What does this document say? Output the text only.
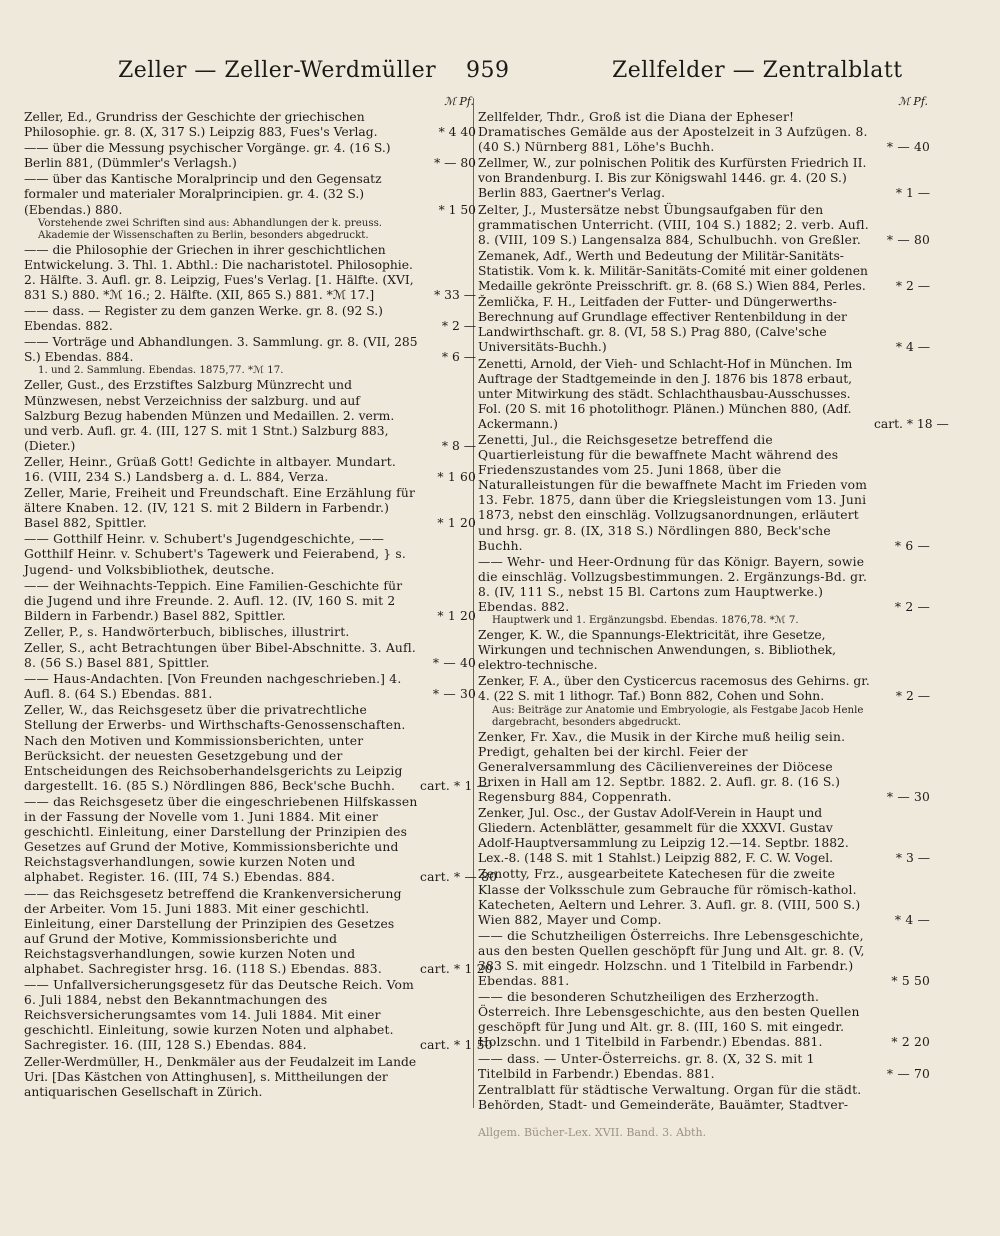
Zeller — Zeller-Werdmüller 959	Zellfelder — Zentralblatt
ℳ Pf.

Zeller, Ed., Grundriss der Geschichte der griechischen Philosophie. gr. 8. (X, 317 S.) Leipzig 883, Fues's Verlag.	* 4 40

—— über die Messung psychischer Vorgänge. gr. 4. (16 S.) Berlin 881, (Dümmler's Verlagsh.)	* — 80

—— über das Kantische Moralprincip und den Gegensatz formaler und materialer Moralprincipien. gr. 4. (32 S.) (Ebendas.) 880.	* 1 50

Vorstehende zwei Schriften sind aus: Abhandlungen der k. preuss. Akademie der Wissenschaften zu Berlin, besonders abgedruckt.

—— die Philosophie der Griechen in ihrer geschichtlichen Entwickelung. 3. Thl. 1. Abthl.: Die nacharistotel. Philosophie. 2. Hälfte. 3. Aufl. gr. 8. Leipzig, Fues's Verlag. [1. Hälfte. (XVI, 831 S.) 880. *ℳ 16.; 2. Hälfte. (XII, 865 S.) 881. *ℳ 17.]	* 33 —

—— dass. — Register zu dem ganzen Werke. gr. 8. (92 S.) Ebendas. 882.	* 2 —

—— Vorträge und Abhandlungen. 3. Sammlung. gr. 8. (VII, 285 S.) Ebendas. 884.	* 6 —

1. und 2. Sammlung. Ebendas. 1875,77. *ℳ 17.

Zeller, Gust., des Erzstiftes Salzburg Münzrecht und Münzwesen, nebst Verzeichniss der salzburg. und auf Salzburg Bezug habenden Münzen und Medaillen. 2. verm. und verb. Aufl. gr. 4. (III, 127 S. mit 1 Stnt.) Salzburg 883, (Dieter.)	* 8 —

Zeller, Heinr., Grüaß Gott! Gedichte in altbayer. Mundart. 16. (VIII, 234 S.) Landsberg a. d. L. 884, Verza.	* 1 60

Zeller, Marie, Freiheit und Freundschaft. Eine Erzählung für ältere Knaben. 12. (IV, 121 S. mit 2 Bildern in Farbendr.) Basel 882, Spittler.	* 1 20

—— Gotthilf Heinr. v. Schubert's Jugendgeschichte, —— Gotthilf Heinr. v. Schubert's Tagewerk und Feierabend, } s. Jugend- und Volksbibliothek, deutsche.

—— der Weihnachts-Teppich. Eine Familien-Geschichte für die Jugend und ihre Freunde. 2. Aufl. 12. (IV, 160 S. mit 2 Bildern in Farbendr.) Basel 882, Spittler.	* 1 20

Zeller, P., s. Handwörterbuch, biblisches, illustrirt.

Zeller, S., acht Betrachtungen über Bibel-Abschnitte. 3. Aufl. 8. (56 S.) Basel 881, Spittler.	* — 40

—— Haus-Andachten. [Von Freunden nachgeschrieben.] 4. Aufl. 8. (64 S.) Ebendas. 881.	* — 30

Zeller, W., das Reichsgesetz über die privatrechtliche Stellung der Erwerbs- und Wirthschafts-Genossenschaften. Nach den Motiven und Kommissionsberichten, unter Berücksicht. der neuesten Gesetzgebung und der Entscheidungen des Reichsoberhandelsgerichts zu Leipzig dargestellt. 16. (85 S.) Nördlingen 886, Beck'sche Buchh.	cart. * 1 —

—— das Reichsgesetz über die eingeschriebenen Hilfskassen in der Fassung der Novelle vom 1. Juni 1884. Mit einer geschichtl. Einleitung, einer Darstellung der Prinzipien des Gesetzes auf Grund der Motive, Kommissionsberichte und Reichstagsverhandlungen, sowie kurzen Noten und alphabet. Register. 16. (III, 74 S.) Ebendas. 884.	cart. * — 80

—— das Reichsgesetz betreffend die Krankenversicherung der Arbeiter. Vom 15. Juni 1883. Mit einer geschichtl. Einleitung, einer Darstellung der Prinzipien des Gesetzes auf Grund der Motive, Kommissionsberichte und Reichstagsverhandlungen, sowie kurzen Noten und alphabet. Sachregister hrsg. 16. (118 S.) Ebendas. 883.	cart. * 1 20

—— Unfallversicherungsgesetz für das Deutsche Reich. Vom 6. Juli 1884, nebst den Bekanntmachungen des Reichsversicherungsamtes vom 14. Juli 1884. Mit einer geschichtl. Einleitung, sowie kurzen Noten und alphabet. Sachregister. 16. (III, 128 S.) Ebendas. 884.	cart. * 1 50

Zeller-Werdmüller, H., Denkmäler aus der Feudalzeit im Lande Uri. [Das Kästchen von Attinghusen], s. Mittheilungen der antiquarischen Gesellschaft in Zürich.

ℳ Pf.

Zellfelder, Thdr., Groß ist die Diana der Epheser! Dramatisches Gemälde aus der Apostelzeit in 3 Aufzügen. 8. (40 S.) Nürnberg 881, Löhe's Buchh.	* — 40

Zellmer, W., zur polnischen Politik des Kurfürsten Friedrich II. von Brandenburg. I. Bis zur Königswahl 1446. gr. 4. (20 S.) Berlin 883, Gaertner's Verlag.	* 1 —

Zelter, J., Mustersätze nebst Übungsaufgaben für den grammatischen Unterricht. (VIII, 104 S.) 1882; 2. verb. Aufl. 8. (VIII, 109 S.) Langensalza 884, Schulbuchh. von Greßler.	* — 80

Zemanek, Adf., Werth und Bedeutung der Militär-Sanitäts-Statistik. Vom k. k. Militär-Sanitäts-Comité mit einer goldenen Medaille gekrönte Preisschrift. gr. 8. (68 S.) Wien 884, Perles.	* 2 —

Žemlička, F. H., Leitfaden der Futter- und Düngerwerths-Berechnung auf Grundlage effectiver Rentenbildung in der Landwirthschaft. gr. 8. (VI, 58 S.) Prag 880, (Calve'sche Universitäts-Buchh.)	* 4 —

Zenetti, Arnold, der Vieh- und Schlacht-Hof in München. Im Auftrage der Stadtgemeinde in den J. 1876 bis 1878 erbaut, unter Mitwirkung des städt. Schlachthausbau-Ausschusses. Fol. (20 S. mit 16 photolithogr. Plänen.) München 880, (Adf. Ackermann.)	cart. * 18 —

Zenetti, Jul., die Reichsgesetze betreffend die Quartierleistung für die bewaffnete Macht während des Friedenszustandes vom 25. Juni 1868, über die Naturalleistungen für die bewaffnete Macht im Frieden vom 13. Febr. 1875, dann über die Kriegsleistungen vom 13. Juni 1873, nebst den einschläg. Vollzugsanordnungen, erläutert und hrsg. gr. 8. (IX, 318 S.) Nördlingen 880, Beck'sche Buchh.	* 6 —

—— Wehr- und Heer-Ordnung für das Königr. Bayern, sowie die einschläg. Vollzugsbestimmungen. 2. Ergänzungs-Bd. gr. 8. (IV, 111 S., nebst 15 Bl. Cartons zum Hauptwerke.) Ebendas. 882.	* 2 —

Hauptwerk und 1. Ergänzungsbd. Ebendas. 1876,78. *ℳ 7.

Zenger, K. W., die Spannungs-Elektricität, ihre Gesetze, Wirkungen und technischen Anwendungen, s. Bibliothek, elektro-technische.

Zenker, F. A., über den Cysticercus racemosus des Gehirns. gr. 4. (22 S. mit 1 lithogr. Taf.) Bonn 882, Cohen und Sohn.	* 2 —

Aus: Beiträge zur Anatomie und Embryologie, als Festgabe Jacob Henle dargebracht, besonders abgedruckt.

Zenker, Fr. Xav., die Musik in der Kirche muß heilig sein. Predigt, gehalten bei der kirchl. Feier der Generalversammlung des Cäcilienvereines der Diöcese Brixen in Hall am 12. Septbr. 1882. 2. Aufl. gr. 8. (16 S.) Regensburg 884, Coppenrath.	* — 30

Zenker, Jul. Osc., der Gustav Adolf-Verein in Haupt und Gliedern. Actenblätter, gesammelt für die XXXVI. Gustav Adolf-Hauptversammlung zu Leipzig 12.—14. Septbr. 1882. Lex.-8. (148 S. mit 1 Stahlst.) Leipzig 882, F. C. W. Vogel.	* 3 —

Zenotty, Frz., ausgearbeitete Katechesen für die zweite Klasse der Volksschule zum Gebrauche für römisch-kathol. Katecheten, Aeltern und Lehrer. 3. Aufl. gr. 8. (VIII, 500 S.) Wien 882, Mayer und Comp.	* 4 —

—— die Schutzheiligen Österreichs. Ihre Lebensgeschichte, aus den besten Quellen geschöpft für Jung und Alt. gr. 8. (V, 383 S. mit eingedr. Holzschn. und 1 Titelbild in Farbendr.) Ebendas. 881.	* 5 50

—— die besonderen Schutzheiligen des Erzherzogth. Österreich. Ihre Lebensgeschichte, aus den besten Quellen geschöpft für Jung und Alt. gr. 8. (III, 160 S. mit eingedr. Holzschn. und 1 Titelbild in Farbendr.) Ebendas. 881.	* 2 20

—— dass. — Unter-Österreichs. gr. 8. (X, 32 S. mit 1 Titelbild in Farbendr.) Ebendas. 881.	* — 70

Zentralblatt für städtische Verwaltung. Organ für die städt. Behörden, Stadt- und Gemeinderäte, Bauämter, Stadtver-

Allgem. Bücher-Lex. XVII. Band. 3. Abth.
